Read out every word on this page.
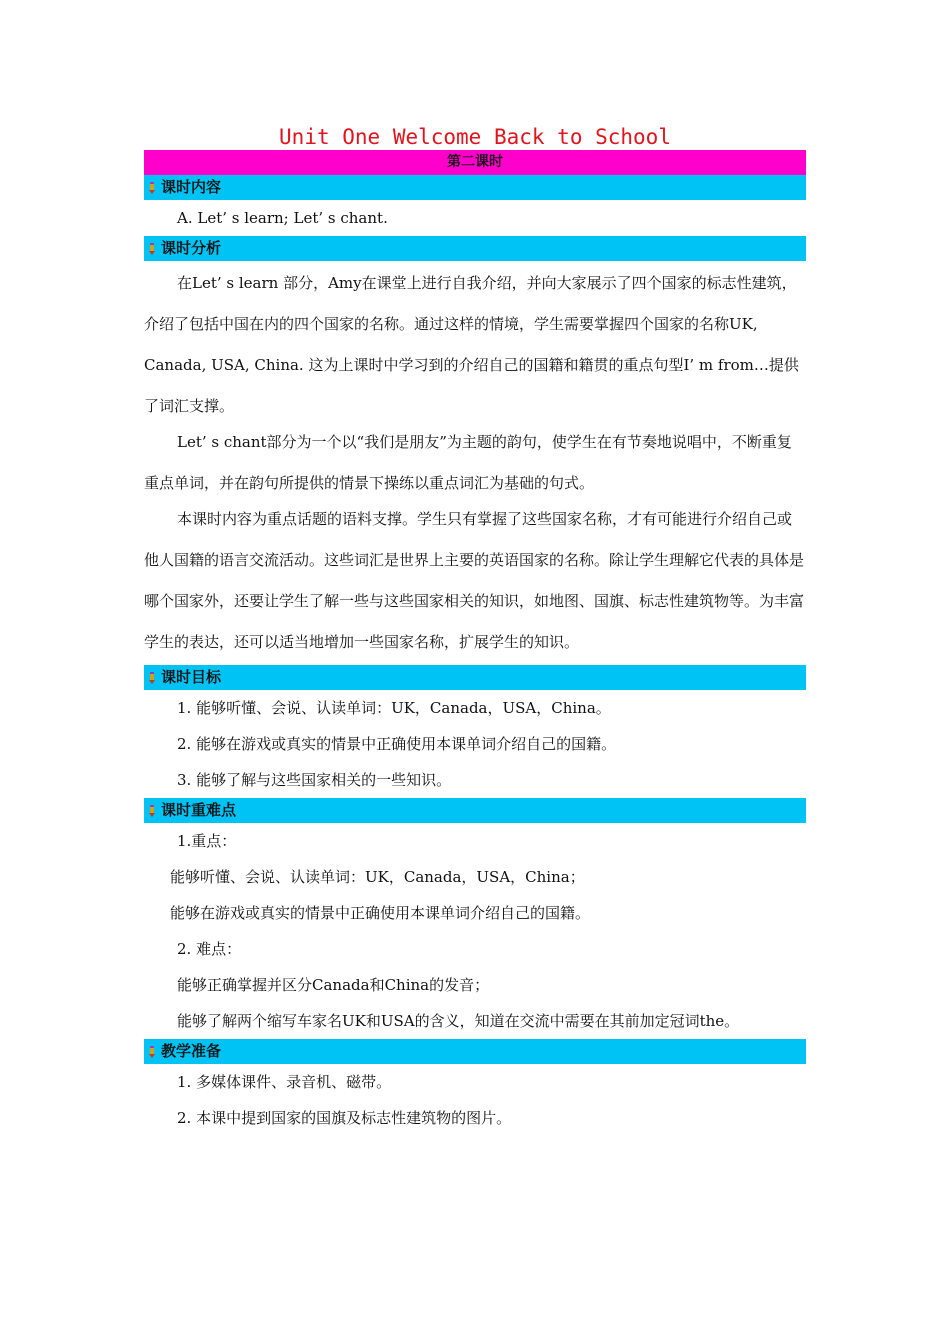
Unit One Welcome Back to School
第二课时
课时内容
A. Let’ s learn; Let’ s chant.
课时分析

在Let’ s learn 部分，Amy在课堂上进行自我介绍，并向大家展示了四个国家的标志性建筑，介绍了包括中国在内的四个国家的名称。通过这样的情境，学生需要掌握四个国家的名称UK, Canada, USA, China. 这为上课时中学习到的介绍自己的国籍和籍贯的重点句型I’ m from…提供了词汇支撑。

Let’ s chant部分为一个以“我们是朋友”为主题的韵句，使学生在有节奏地说唱中，不断重复重点单词，并在韵句所提供的情景下操练以重点词汇为基础的句式。

本课时内容为重点话题的语料支撑。学生只有掌握了这些国家名称，才有可能进行介绍自己或他人国籍的语言交流活动。这些词汇是世界上主要的英语国家的名称。除让学生理解它代表的具体是哪个国家外，还要让学生了解一些与这些国家相关的知识，如地图、国旗、标志性建筑物等。为丰富学生的表达，还可以适当地增加一些国家名称，扩展学生的知识。

课时目标
1. 能够听懂、会说、认读单词：UK，Canada，USA，China。
2. 能够在游戏或真实的情景中正确使用本课单词介绍自己的国籍。
3. 能够了解与这些国家相关的一些知识。
课时重难点
1.重点：
能够听懂、会说、认读单词：UK，Canada，USA，China；
能够在游戏或真实的情景中正确使用本课单词介绍自己的国籍。
2. 难点：
能够正确掌握并区分Canada和China的发音；
能够了解两个缩写车家名UK和USA的含义，知道在交流中需要在其前加定冠词the。
教学准备
1. 多媒体课件、录音机、磁带。
2. 本课中提到国家的国旗及标志性建筑物的图片。
